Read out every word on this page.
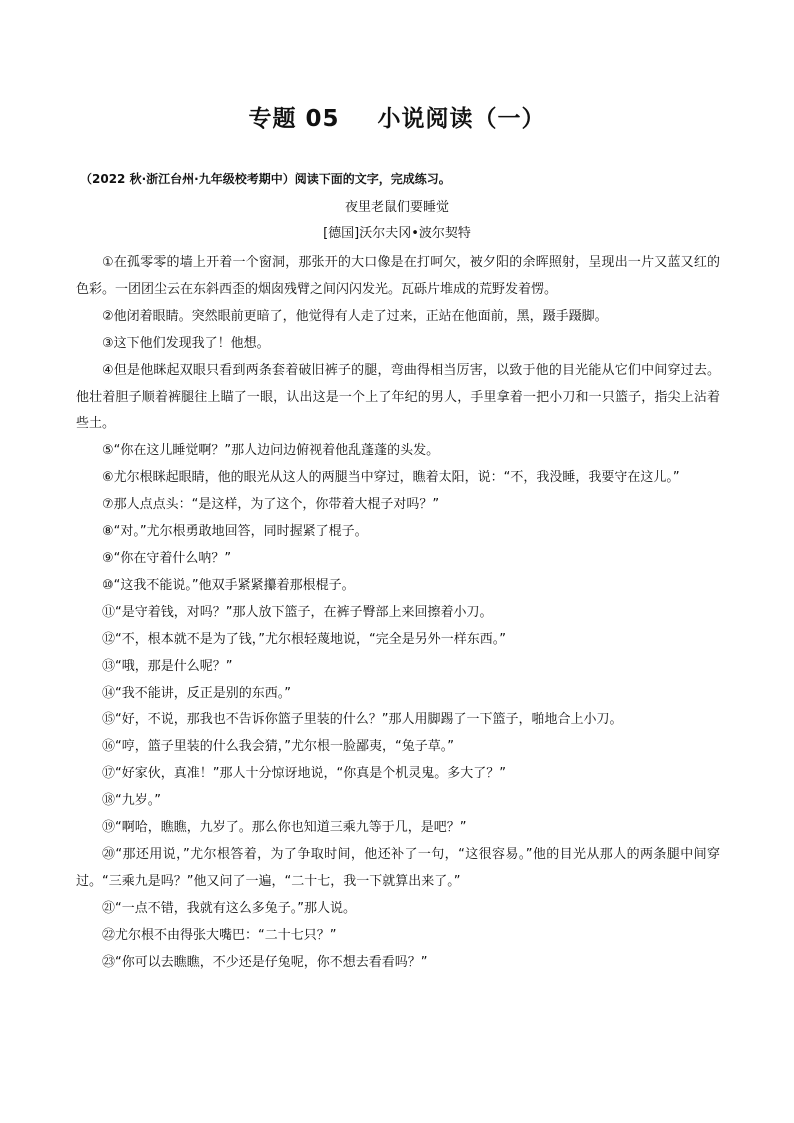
专题 05 小说阅读（一）
（2022 秋·浙江台州·九年级校考期中）阅读下面的文字，完成练习。
夜里老鼠们要睡觉
[德国]沃尔夫冈•波尔契特

①在孤零零的墙上开着一个窗洞，那张开的大口像是在打呵欠，被夕阳的余晖照射，呈现出一片又蓝又红的色彩。一团团尘云在东斜西歪的烟囱残臂之间闪闪发光。瓦砾片堆成的荒野发着愣。

②他闭着眼睛。突然眼前更暗了，他觉得有人走了过来，正站在他面前，黑，蹑手蹑脚。

③这下他们发现我了！他想。

④但是他眯起双眼只看到两条套着破旧裤子的腿，弯曲得相当厉害，以致于他的目光能从它们中间穿过去。他壮着胆子顺着裤腿往上瞄了一眼，认出这是一个上了年纪的男人，手里拿着一把小刀和一只篮子，指尖上沾着些土。

⑤“你在这儿睡觉啊？”那人边问边俯视着他乱蓬蓬的头发。

⑥尤尔根眯起眼睛，他的眼光从这人的两腿当中穿过，瞧着太阳，说：“不，我没睡，我要守在这儿。”

⑦那人点点头：“是这样，为了这个，你带着大棍子对吗？”

⑧“对。”尤尔根勇敢地回答，同时握紧了棍子。

⑨“你在守着什么呐？”

⑩“这我不能说。”他双手紧紧攥着那根棍子。

⑪“是守着钱，对吗？”那人放下篮子，在裤子臀部上来回擦着小刀。

⑫“不，根本就不是为了钱，”尤尔根轻蔑地说，“完全是另外一样东西。”

⑬“哦，那是什么呢？”

⑭“我不能讲，反正是别的东西。”

⑮“好，不说，那我也不告诉你篮子里装的什么？”那人用脚踢了一下篮子，啪地合上小刀。

⑯“哼，篮子里装的什么我会猜，”尤尔根一脸鄙夷，“兔子草。”

⑰“好家伙，真准！”那人十分惊讶地说，“你真是个机灵鬼。多大了？”

⑱“九岁。”

⑲“啊哈，瞧瞧，九岁了。那么你也知道三乘九等于几，是吧？”

⑳“那还用说，”尤尔根答着，为了争取时间，他还补了一句，“这很容易。”他的目光从那人的两条腿中间穿过。“三乘九是吗？”他又问了一遍，“二十七，我一下就算出来了。”

㉑“一点不错，我就有这么多兔子。”那人说。

㉒尤尔根不由得张大嘴巴：“二十七只？”

㉓“你可以去瞧瞧，不少还是仔兔呢，你不想去看看吗？”
